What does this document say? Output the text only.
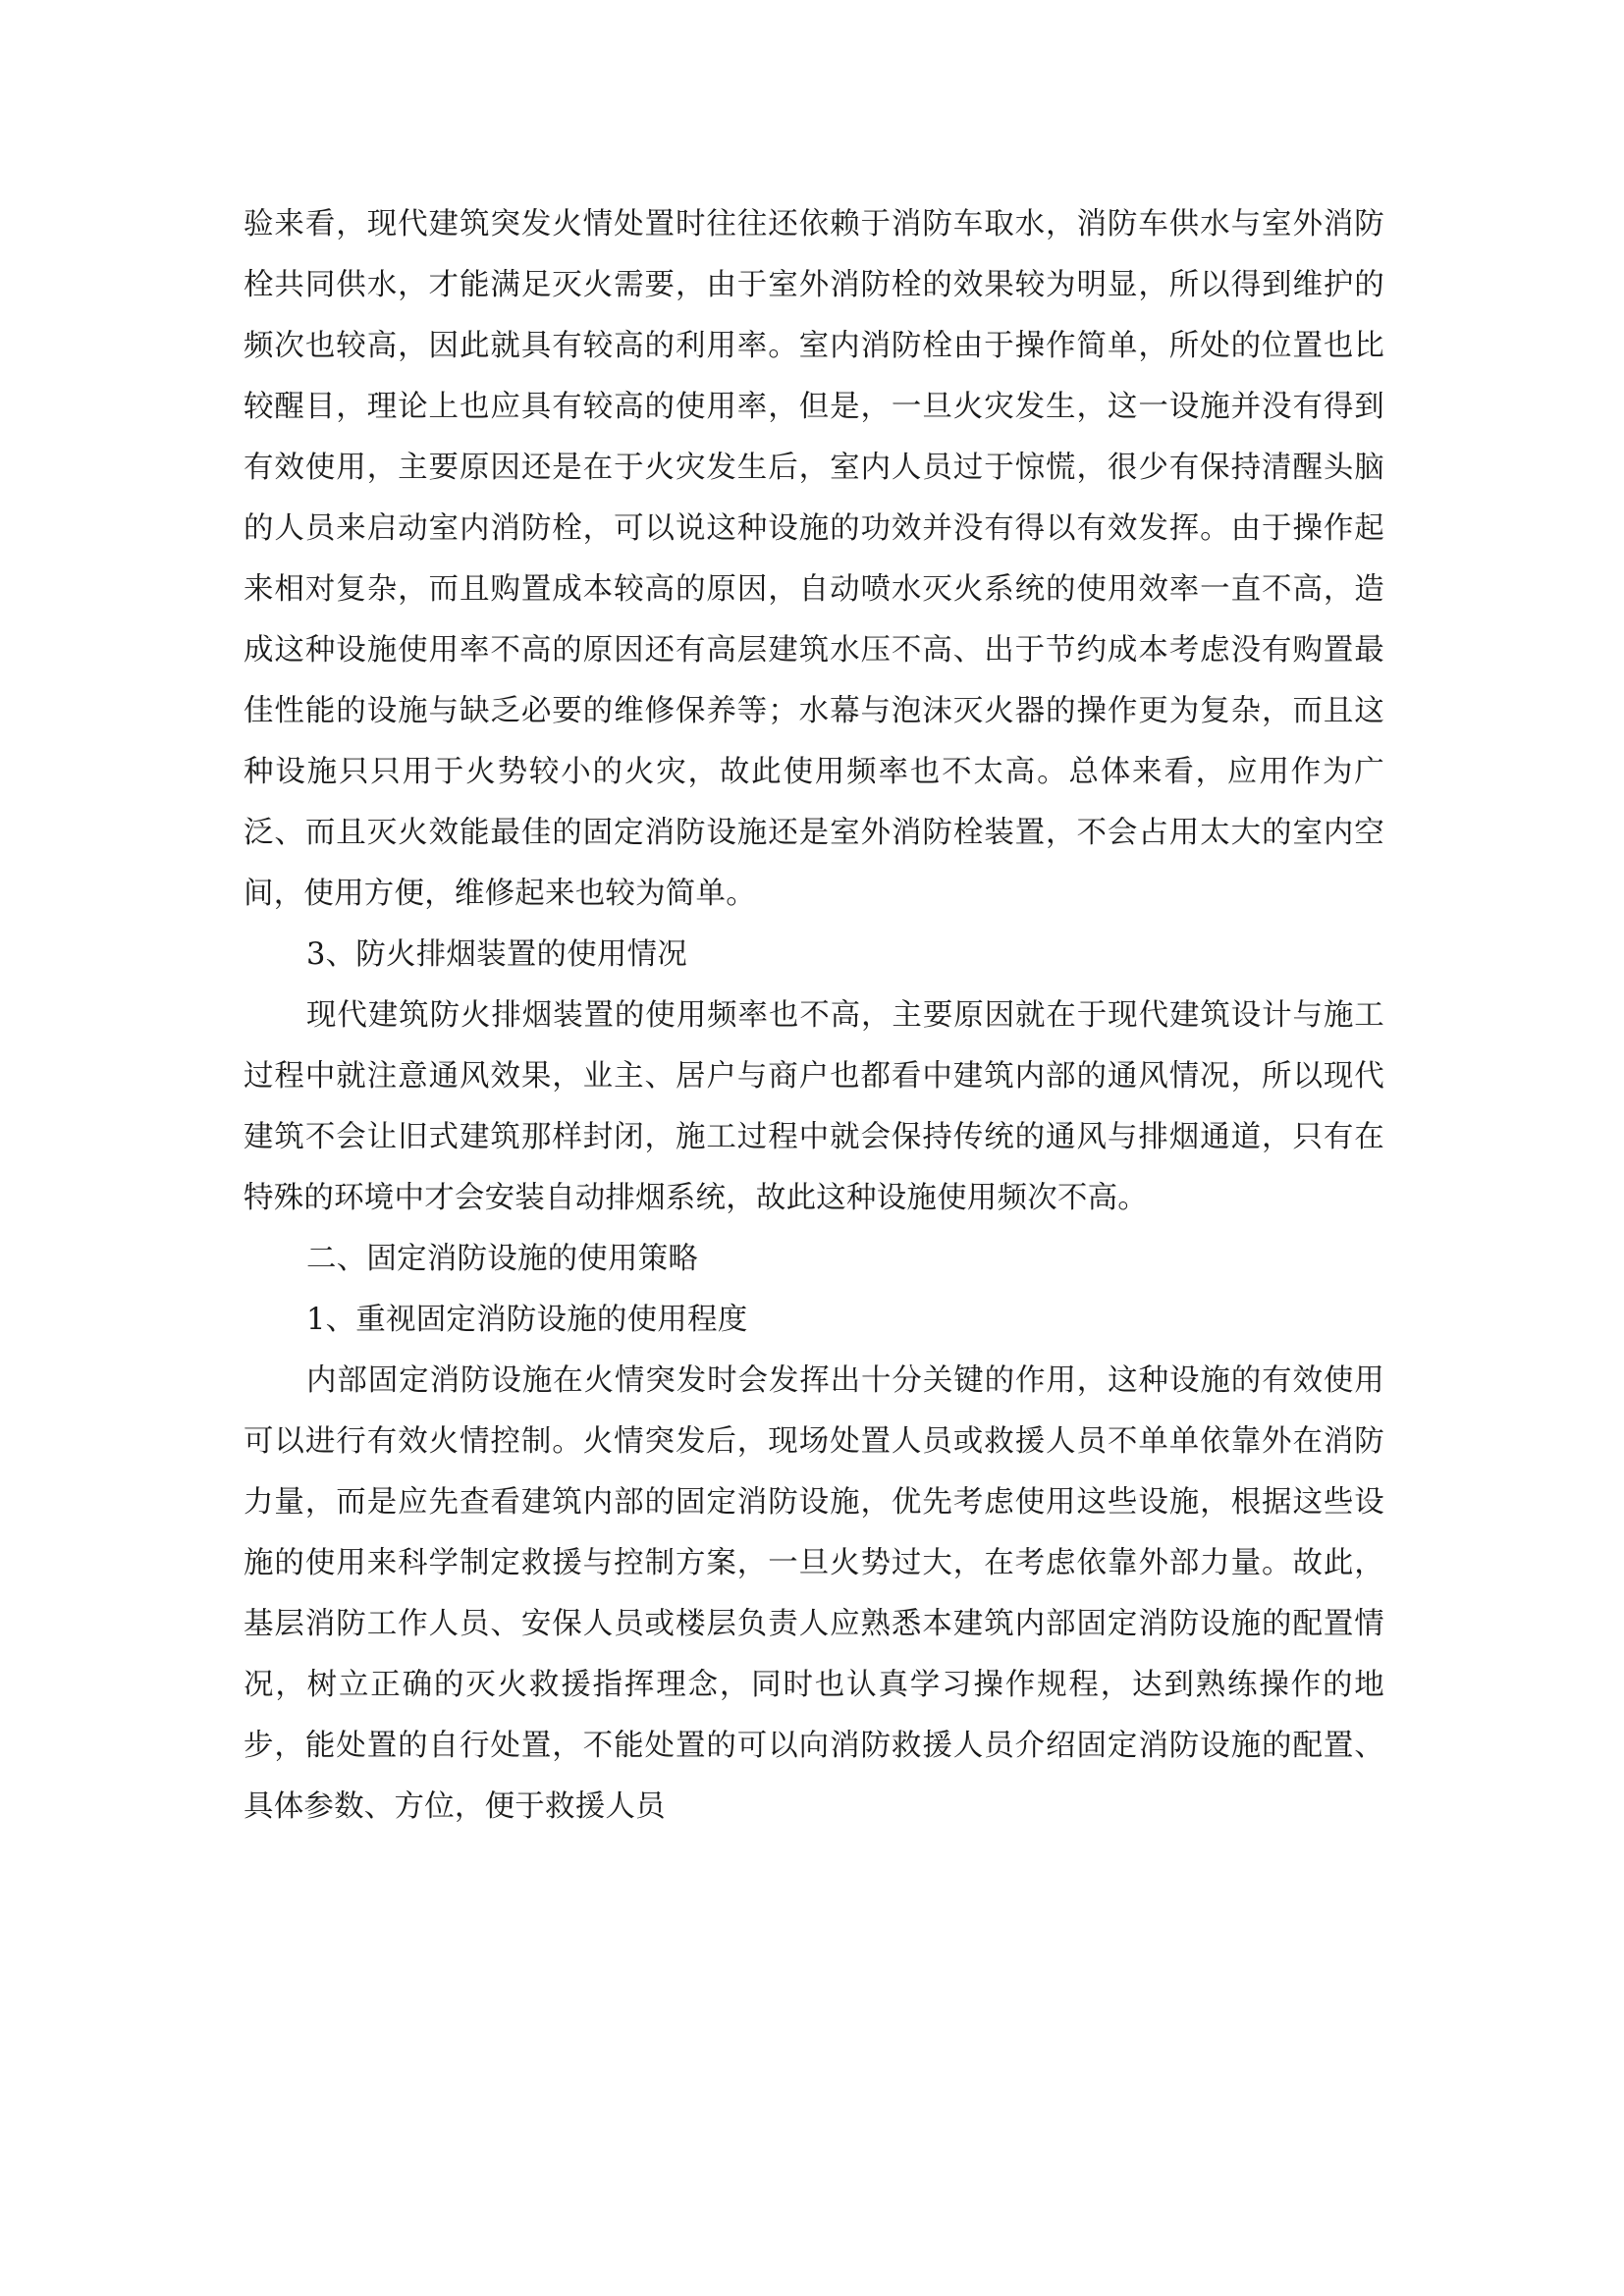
验来看，现代建筑突发火情处置时往往还依赖于消防车取水，消防车供水与室外消防栓共同供水，才能满足灭火需要，由于室外消防栓的效果较为明显，所以得到维护的频次也较高，因此就具有较高的利用率。室内消防栓由于操作简单，所处的位置也比较醒目，理论上也应具有较高的使用率，但是，一旦火灾发生，这一设施并没有得到有效使用，主要原因还是在于火灾发生后，室内人员过于惊慌，很少有保持清醒头脑的人员来启动室内消防栓，可以说这种设施的功效并没有得以有效发挥。由于操作起来相对复杂，而且购置成本较高的原因，自动喷水灭火系统的使用效率一直不高，造成这种设施使用率不高的原因还有高层建筑水压不高、出于节约成本考虑没有购置最佳性能的设施与缺乏必要的维修保养等；水幕与泡沫灭火器的操作更为复杂，而且这种设施只只用于火势较小的火灾，故此使用频率也不太高。总体来看，应用作为广泛、而且灭火效能最佳的固定消防设施还是室外消防栓装置，不会占用太大的室内空间，使用方便，维修起来也较为简单。

3、防火排烟装置的使用情况

现代建筑防火排烟装置的使用频率也不高，主要原因就在于现代建筑设计与施工过程中就注意通风效果，业主、居户与商户也都看中建筑内部的通风情况，所以现代建筑不会让旧式建筑那样封闭，施工过程中就会保持传统的通风与排烟通道，只有在特殊的环境中才会安装自动排烟系统，故此这种设施使用频次不高。

二、固定消防设施的使用策略

1、重视固定消防设施的使用程度

内部固定消防设施在火情突发时会发挥出十分关键的作用，这种设施的有效使用可以进行有效火情控制。火情突发后，现场处置人员或救援人员不单单依靠外在消防力量，而是应先查看建筑内部的固定消防设施，优先考虑使用这些设施，根据这些设施的使用来科学制定救援与控制方案，一旦火势过大，在考虑依靠外部力量。故此，基层消防工作人员、安保人员或楼层负责人应熟悉本建筑内部固定消防设施的配置情况，树立正确的灭火救援指挥理念，同时也认真学习操作规程，达到熟练操作的地步，能处置的自行处置，不能处置的可以向消防救援人员介绍固定消防设施的配置、具体参数、方位，便于救援人员
